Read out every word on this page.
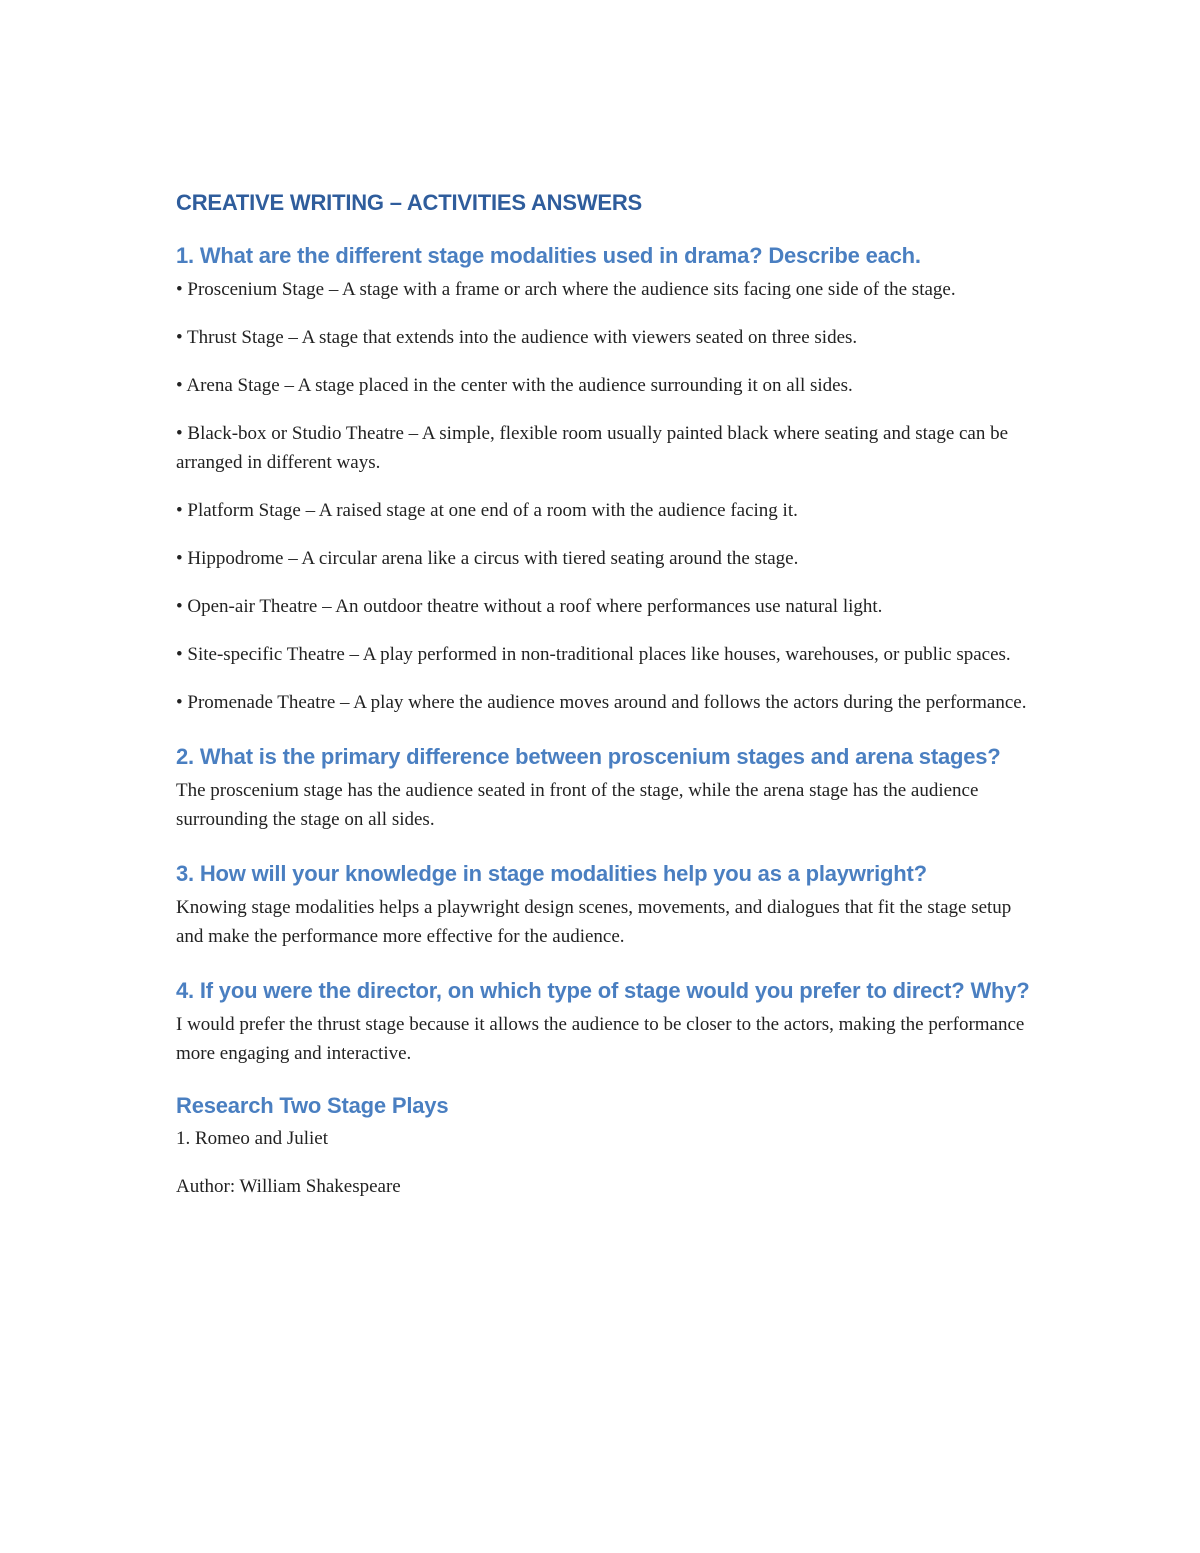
CREATIVE WRITING – ACTIVITIES ANSWERS
1. What are the different stage modalities used in drama? Describe each.

• Proscenium Stage – A stage with a frame or arch where the audience sits facing one side of the stage.

• Thrust Stage – A stage that extends into the audience with viewers seated on three sides.

• Arena Stage – A stage placed in the center with the audience surrounding it on all sides.

• Black-box or Studio Theatre – A simple, flexible room usually painted black where seating and stage can be arranged in different ways.

• Platform Stage – A raised stage at one end of a room with the audience facing it.

• Hippodrome – A circular arena like a circus with tiered seating around the stage.

• Open-air Theatre – An outdoor theatre without a roof where performances use natural light.

• Site-specific Theatre – A play performed in non-traditional places like houses, warehouses, or public spaces.

• Promenade Theatre – A play where the audience moves around and follows the actors during the performance.

2. What is the primary difference between proscenium stages and arena stages?

The proscenium stage has the audience seated in front of the stage, while the arena stage has the audience surrounding the stage on all sides.

3. How will your knowledge in stage modalities help you as a playwright?

Knowing stage modalities helps a playwright design scenes, movements, and dialogues that fit the stage setup and make the performance more effective for the audience.

4. If you were the director, on which type of stage would you prefer to direct? Why?

I would prefer the thrust stage because it allows the audience to be closer to the actors, making the performance more engaging and interactive.

Research Two Stage Plays

1. Romeo and Juliet

Author: William Shakespeare
